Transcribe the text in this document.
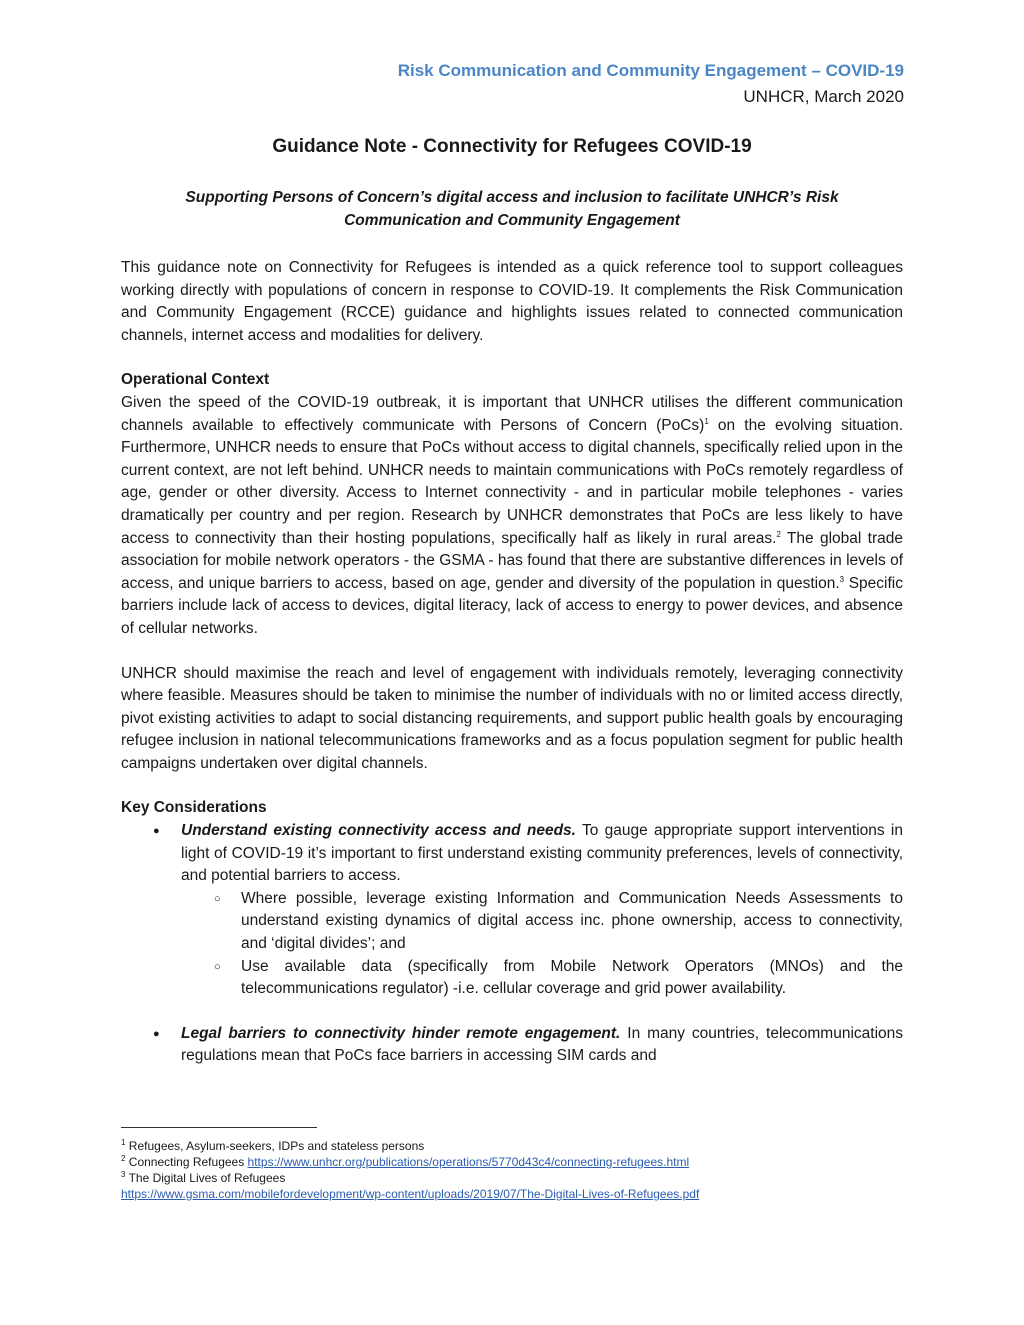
Risk Communication and Community Engagement – COVID-19
UNHCR, March 2020
Guidance Note - Connectivity for Refugees COVID-19
Supporting Persons of Concern’s digital access and inclusion to facilitate UNHCR’s Risk Communication and Community Engagement

This guidance note on Connectivity for Refugees is intended as a quick reference tool to support colleagues working directly with populations of concern in response to COVID-19. It complements the Risk Communication and Community Engagement (RCCE) guidance and highlights issues related to connected communication channels, internet access and modalities for delivery.

Operational Context

Given the speed of the COVID-19 outbreak, it is important that UNHCR utilises the different communication channels available to effectively communicate with Persons of Concern (PoCs)$^1$ on the evolving situation. Furthermore, UNHCR needs to ensure that PoCs without access to digital channels, specifically relied upon in the current context, are not left behind. UNHCR needs to maintain communications with PoCs remotely regardless of age, gender or other diversity. Access to Internet connectivity - and in particular mobile telephones - varies dramatically per country and per region. Research by UNHCR demonstrates that PoCs are less likely to have access to connectivity than their hosting populations, specifically half as likely in rural areas.$^2$ The global trade association for mobile network operators - the GSMA - has found that there are substantive differences in levels of access, and unique barriers to access, based on age, gender and diversity of the population in question.$^3$ Specific barriers include lack of access to devices, digital literacy, lack of access to energy to power devices, and absence of cellular networks.

UNHCR should maximise the reach and level of engagement with individuals remotely, leveraging connectivity where feasible. Measures should be taken to minimise the number of individuals with no or limited access directly, pivot existing activities to adapt to social distancing requirements, and support public health goals by encouraging refugee inclusion in national telecommunications frameworks and as a focus population segment for public health campaigns undertaken over digital channels.

Key Considerations
● Understand existing connectivity access and needs. To gauge appropriate support interventions in light of COVID-19 it’s important to first understand existing community preferences, levels of connectivity, and potential barriers to access.
○ Where possible, leverage existing Information and Communication Needs Assessments to understand existing dynamics of digital access inc. phone ownership, access to connectivity, and ‘digital divides’; and
○ Use available data (specifically from Mobile Network Operators (MNOs) and the telecommunications regulator) -i.e. cellular coverage and grid power availability.
● Legal barriers to connectivity hinder remote engagement. In many countries, telecommunications regulations mean that PoCs face barriers in accessing SIM cards and
$^1$ Refugees, Asylum-seekers, IDPs and stateless persons
$^2$ Connecting Refugees https://www.unhcr.org/publications/operations/5770d43c4/connecting-refugees.html
$^3$ The Digital Lives of Refugees
https://www.gsma.com/mobilefordevelopment/wp-content/uploads/2019/07/The-Digital-Lives-of-Refugees.pdf
